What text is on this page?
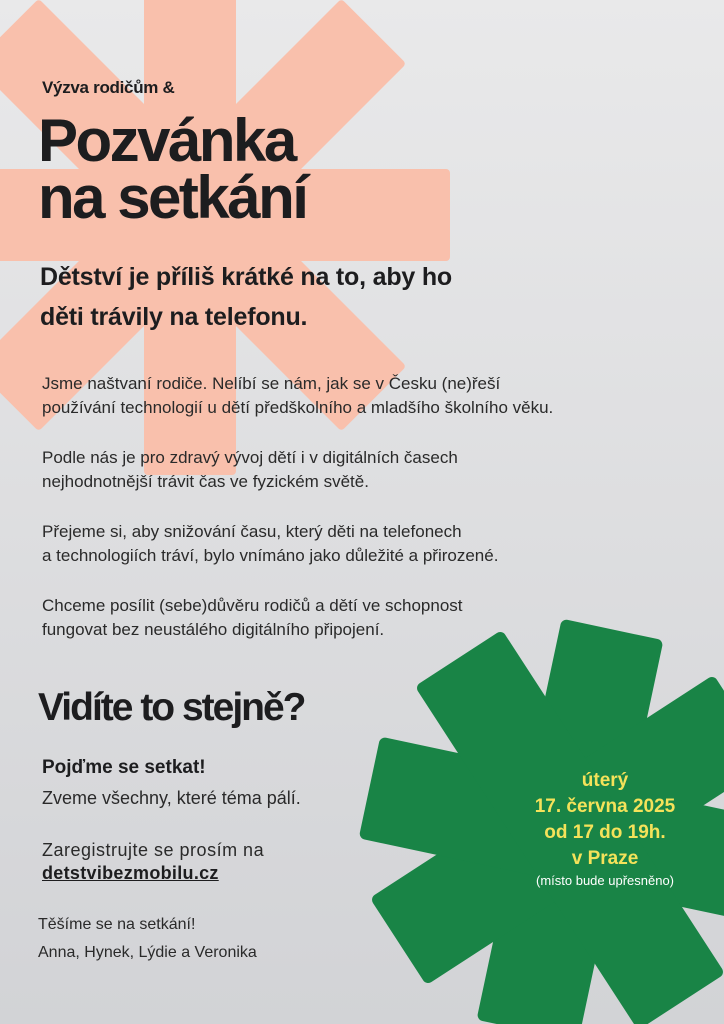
Výzva rodičům &

Pozvánka
na setkání
Dětství je příliš krátké na to, aby ho
děti trávily na telefonu.

Jsme naštvaní rodiče. Nelíbí se nám, jak se v Česku (ne)řeší
používání technologií u dětí předškolního a mladšího školního věku.

Podle nás je pro zdravý vývoj dětí i v digitálních časech
nejhodnotnější trávit čas ve fyzickém světě.

Přejeme si, aby snižování času, který děti na telefonech
a technologiích tráví, bylo vnímáno jako důležité a přirozené.

Chceme posílit (sebe)důvěru rodičů a dětí ve schopnost
fungovat bez neustálého digitálního připojení.

Vidíte to stejně?

Pojďme se setkat!

Zveme všechny, které téma pálí.

Zaregistrujte se prosím na

detstvibezmobilu.cz

Těšíme se na setkání!

Anna, Hynek, Lýdie a Veronika

úterý
17. června 2025
od 17 do 19h.
v Praze
(místo bude upřesněno)
